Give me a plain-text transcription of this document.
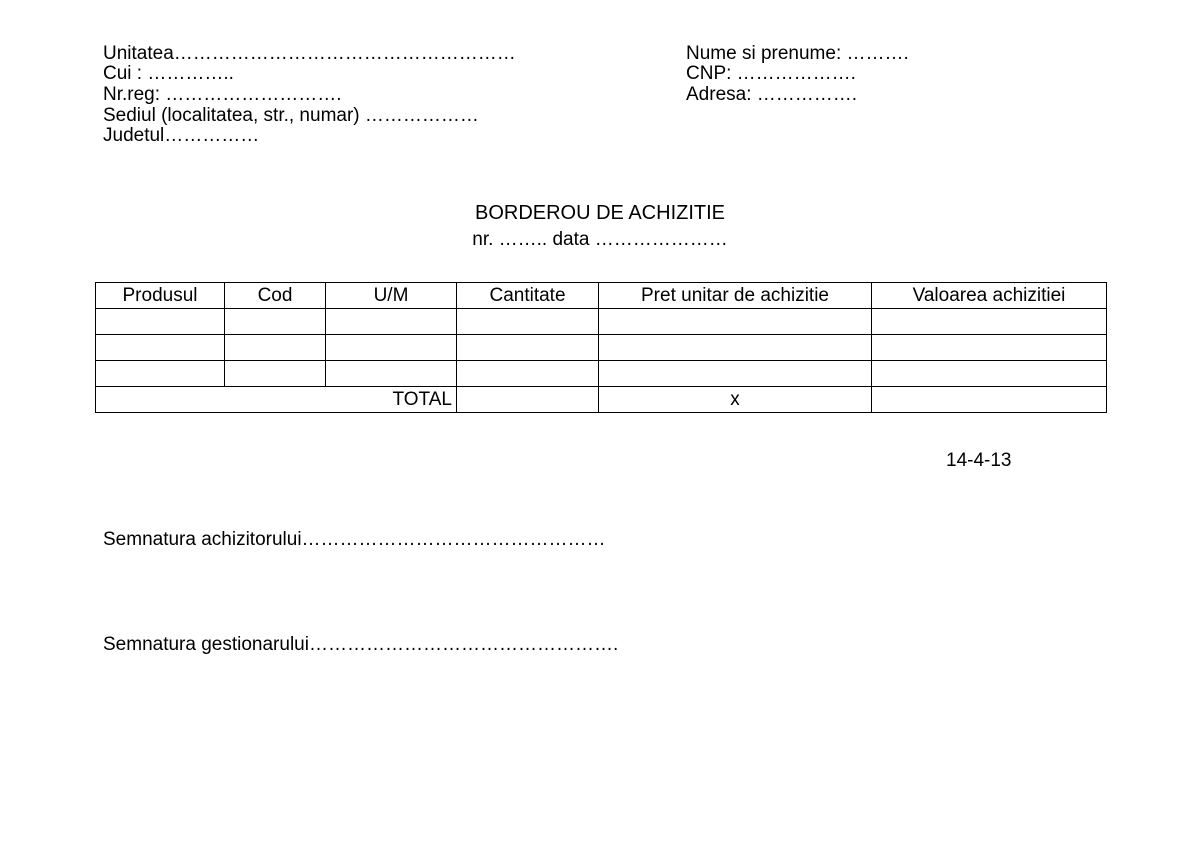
Unitatea………………………………………………
Cui : …………..
Nr.reg: ……………………….
Sediul (localitatea, str., numar) ………………
Judetul……………
Nume si prenume: ……….
CNP: ……………….
Adresa: …………….
BORDEROU DE ACHIZITIE
nr. …….. data …………………
Produsul	Cod	U/M	Cantitate	Pret unitar de achizitie	Valoarea achizitiei

TOTAL				x	
14-4-13
Semnatura achizitorului…………………………………………
Semnatura gestionarului………………………………………….
